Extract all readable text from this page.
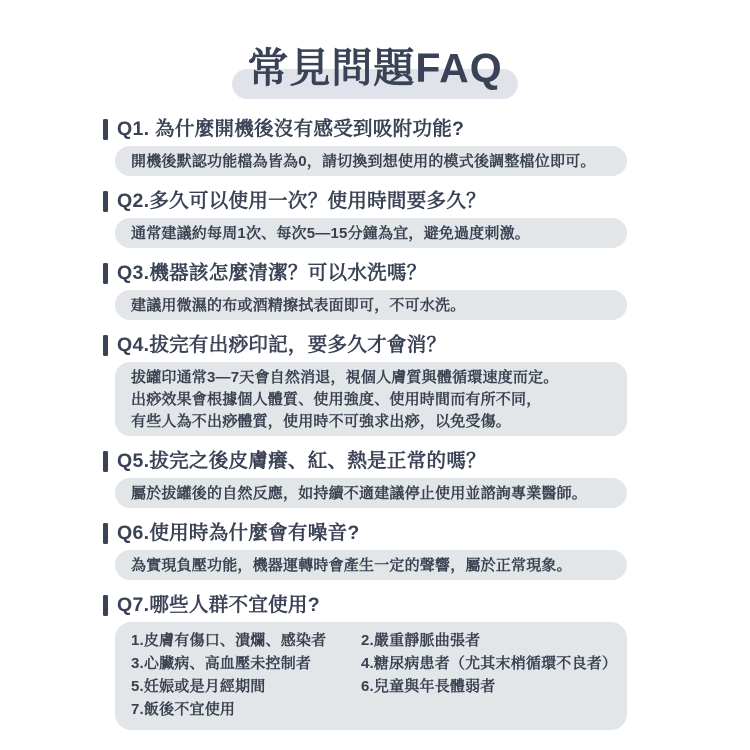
常見問題FAQ
Q1. 為什麼開機後沒有感受到吸附功能?
開機後默認功能檔為皆為0，請切換到想使用的模式後調整檔位即可。
Q2.多久可以使用一次？使用時間要多久？
通常建議約每周1次、每次5—15分鐘為宜，避免過度刺激。
Q3.機器該怎麼清潔？可以水洗嗎？
建議用微濕的布或酒精擦拭表面即可，不可水洗。
Q4.拔完有出痧印記，要多久才會消？
拔罐印通常3—7天會自然消退，視個人膚質與體循環速度而定。
出痧效果會根據個人體質、使用強度、使用時間而有所不同，
有些人為不出痧體質，使用時不可強求出痧，以免受傷。
Q5.拔完之後皮膚癢、紅、熱是正常的嗎？
屬於拔罐後的自然反應，如持續不適建議停止使用並諮詢專業醫師。
Q6.使用時為什麼會有噪音?
為實現負壓功能，機器運轉時會產生一定的聲響，屬於正常現象。
Q7.哪些人群不宜使用?
1.皮膚有傷口、潰爛、感染者	2.嚴重靜脈曲張者
3.心臟病、高血壓未控制者	4.糖尿病患者（尤其末梢循環不良者）
5.妊娠或是月經期間	6.兒童與年長體弱者
7.飯後不宜使用
